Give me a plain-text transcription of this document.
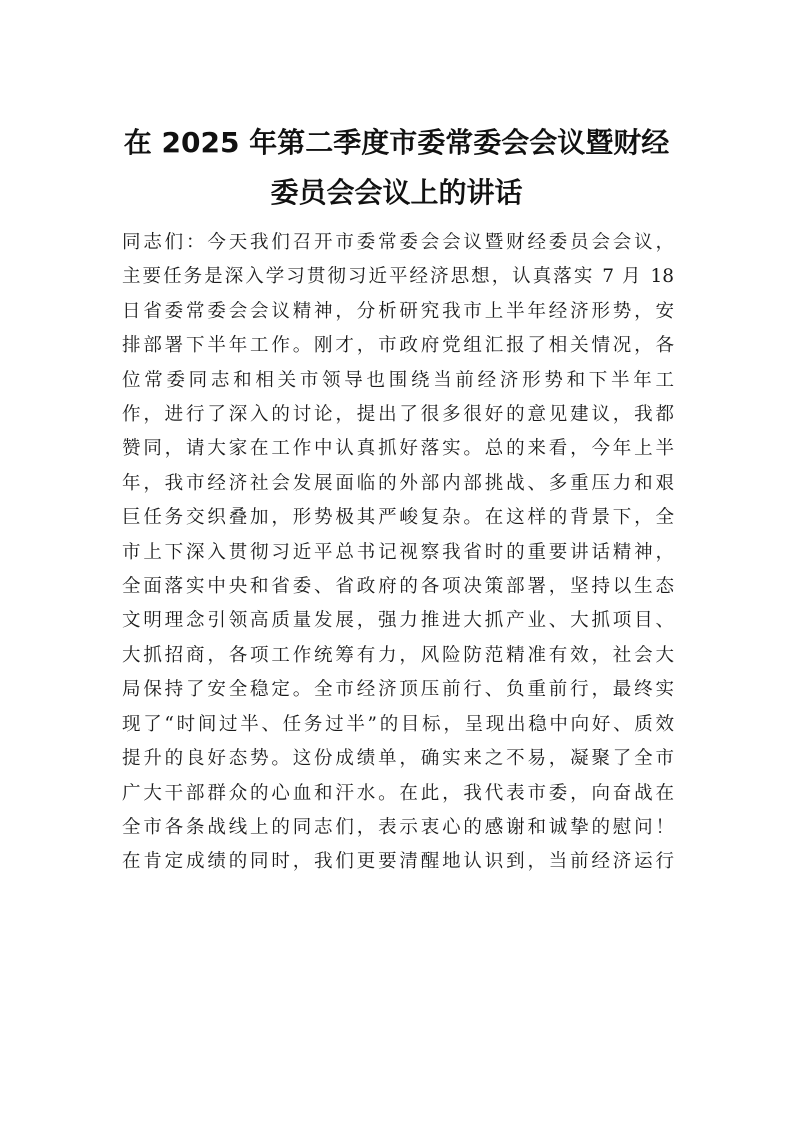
在 2025 年第二季度市委常委会会议暨财经
委员会会议上的讲话
同志们：今天我们召开市委常委会会议暨财经委员会会议，
主要任务是深入学习贯彻习近平经济思想，认真落实 7 月 18
日省委常委会会议精神，分析研究我市上半年经济形势，安
排部署下半年工作。刚才，市政府党组汇报了相关情况，各
位常委同志和相关市领导也围绕当前经济形势和下半年工
作，进行了深入的讨论，提出了很多很好的意见建议，我都
赞同，请大家在工作中认真抓好落实。总的来看，今年上半
年，我市经济社会发展面临的外部内部挑战、多重压力和艰
巨任务交织叠加，形势极其严峻复杂。在这样的背景下，全
市上下深入贯彻习近平总书记视察我省时的重要讲话精神，
全面落实中央和省委、省政府的各项决策部署，坚持以生态
文明理念引领高质量发展，强力推进大抓产业、大抓项目、
大抓招商，各项工作统筹有力，风险防范精准有效，社会大
局保持了安全稳定。全市经济顶压前行、负重前行，最终实
现了“时间过半、任务过半”的目标，呈现出稳中向好、质效
提升的良好态势。这份成绩单，确实来之不易，凝聚了全市
广大干部群众的心血和汗水。在此，我代表市委，向奋战在
全市各条战线上的同志们，表示衷心的感谢和诚挚的慰问！
在肯定成绩的同时，我们更要清醒地认识到，当前经济运行
